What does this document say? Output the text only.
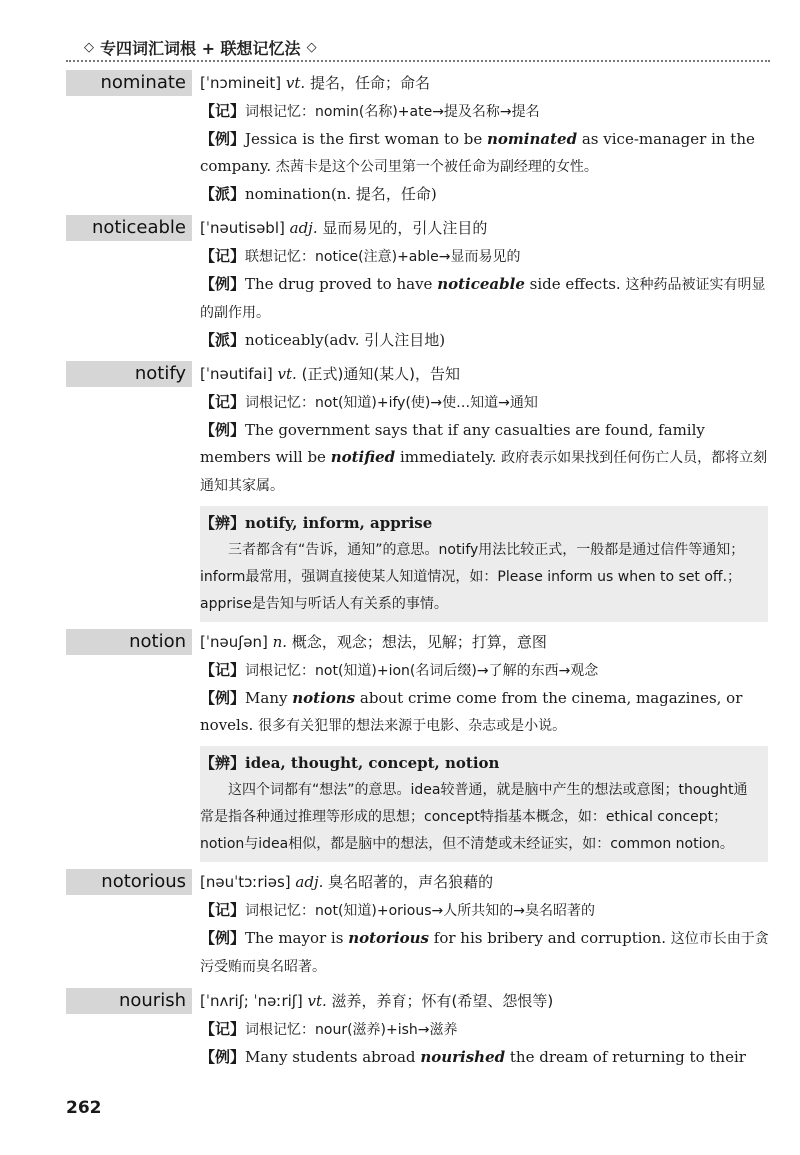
◇ 专四词汇词根 + 联想记忆法 ◇
nominate [ˈnɔmineit] vt. 提名，任命；命名
【记】词根记忆：nomin(名称)+ate→提及名称→提名
【例】Jessica is the first woman to be nominated as vice-manager in the company. 杰茜卡是这个公司里第一个被任命为副经理的女性。
【派】nomination(n. 提名，任命)
noticeable [ˈnəutisəbl] adj. 显而易见的，引人注目的
【记】联想记忆：notice(注意)+able→显而易见的
【例】The drug proved to have noticeable side effects. 这种药品被证实有明显的副作用。
【派】noticeably(adv. 引人注目地)
notify [ˈnəutifai] vt. (正式)通知(某人)，告知
【记】词根记忆：not(知道)+ify(使)→使…知道→通知
【例】The government says that if any casualties are found, family members will be notified immediately. 政府表示如果找到任何伤亡人员，都将立刻通知其家属。
【辨】notify, inform, apprise
三者都含有“告诉，通知”的意思。notify用法比较正式，一般都是通过信件等通知；inform最常用，强调直接使某人知道情况，如：Please inform us when to set off.；apprise是告知与听话人有关系的事情。
notion [ˈnəuʃən] n. 概念，观念；想法，见解；打算，意图
【记】词根记忆：not(知道)+ion(名词后缀)→了解的东西→观念
【例】Many notions about crime come from the cinema, magazines, or novels. 很多有关犯罪的想法来源于电影、杂志或是小说。
【辨】idea, thought, concept, notion
这四个词都有“想法”的意思。idea较普通，就是脑中产生的想法或意图；thought通常是指各种通过推理等形成的思想；concept特指基本概念，如：ethical concept；notion与idea相似，都是脑中的想法，但不清楚或未经证实，如：common notion。
notorious [nəuˈtɔːriəs] adj. 臭名昭著的，声名狼藉的
【记】词根记忆：not(知道)+orious→人所共知的→臭名昭著的
【例】The mayor is notorious for his bribery and corruption. 这位市长由于贪污受贿而臭名昭著。
nourish [ˈnʌriʃ; ˈnəːriʃ] vt. 滋养，养育；怀有(希望、怨恨等)
【记】词根记忆：nour(滋养)+ish→滋养
【例】Many students abroad nourished the dream of returning to their
262
